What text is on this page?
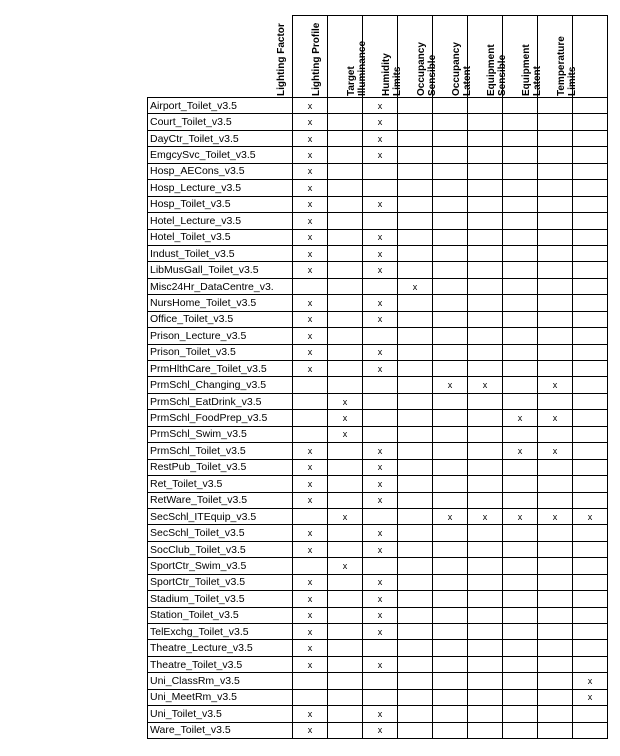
	Lighting Factor	Lighting Profile	Target Illuminance	Humidity Limits	Occupancy Sensible	Occupancy Latent	Equipment Sensible	Equipment Latent	Temperature Limits

Airport_Toilet_v3.5	x		x						
Court_Toilet_v3.5	x		x						
DayCtr_Toilet_v3.5	x		x						
EmgcySvc_Toilet_v3.5	x		x						
Hosp_AECons_v3.5	x								
Hosp_Lecture_v3.5	x								
Hosp_Toilet_v3.5	x		x						
Hotel_Lecture_v3.5	x								
Hotel_Toilet_v3.5	x		x						
Indust_Toilet_v3.5	x		x						
LibMusGall_Toilet_v3.5	x		x						
Misc24Hr_DataCentre_v3.				x					
NursHome_Toilet_v3.5	x		x						
Office_Toilet_v3.5	x		x						
Prison_Lecture_v3.5	x								
Prison_Toilet_v3.5	x		x						
PrmHlthCare_Toilet_v3.5	x		x						
PrmSchl_Changing_v3.5					x	x		x	
PrmSchl_EatDrink_v3.5		x							
PrmSchl_FoodPrep_v3.5		x					x	x	
PrmSchl_Swim_v3.5		x							
PrmSchl_Toilet_v3.5	x		x				x	x	
RestPub_Toilet_v3.5	x		x						
Ret_Toilet_v3.5	x		x						
RetWare_Toilet_v3.5	x		x						
SecSchl_ITEquip_v3.5		x			x	x	x	x	x
SecSchl_Toilet_v3.5	x		x						
SocClub_Toilet_v3.5	x		x						
SportCtr_Swim_v3.5		x							
SportCtr_Toilet_v3.5	x		x						
Stadium_Toilet_v3.5	x		x						
Station_Toilet_v3.5	x		x						
TelExchg_Toilet_v3.5	x		x						
Theatre_Lecture_v3.5	x								
Theatre_Toilet_v3.5	x		x						
Uni_ClassRm_v3.5									x
Uni_MeetRm_v3.5									x
Uni_Toilet_v3.5	x		x						
Ware_Toilet_v3.5	x		x						
